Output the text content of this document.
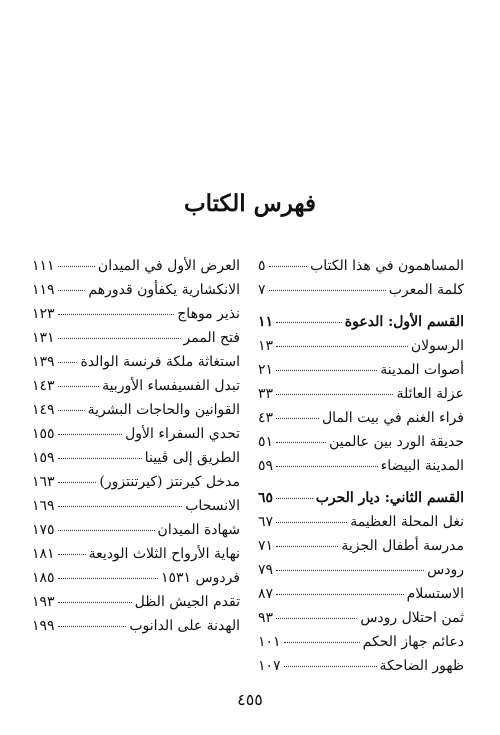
فهرس الكتاب
المساهمون في هذا الكتاب
٥
كلمة المعرب
٧
القسم الأول: الدعوة
١١
الرسولان
١٣
أصوات المدينة
٢١
عزلة العائلة
٣٣
فراء الغنم في بيت المال
٤٣
حديقة الورد بين عالمين
٥١
المدينة البيضاء
٥٩
القسم الثاني: ديار الحرب
٦٥
نغل المحلة العظيمة
٦٧
مدرسة أطفال الجزية
٧١
رودس
٧٩
الاستسلام
٨٧
ثمن احتلال رودس
٩٣
دعائم جهاز الحكم
١٠١
ظهور الضاحكة
١٠٧
العرض الأول في الميدان
١١١
الانكشارية يكفأون قدورهم
١١٩
نذير موهاج
١٢٣
فتح الممر
١٣١
استغاثة ملكة فرنسة الوالدة
١٣٩
تبدل الفسيفساء الأوربية
١٤٣
القوانين والحاجات البشرية
١٤٩
تحدي السفراء الأول
١٥٥
الطريق إلى ڤيينا
١٥٩
مدخل كيرنتز (كيرتنتزور)
١٦٣
الانسحاب
١٦٩
شهادة الميدان
١٧٥
نهاية الأرواح الثلاث الوديعة
١٨١
فردوس ١٥٣١
١٨٥
تقدم الجيش الظل
١٩٣
الهدنة على الدانوب
١٩٩
٤٥٥
